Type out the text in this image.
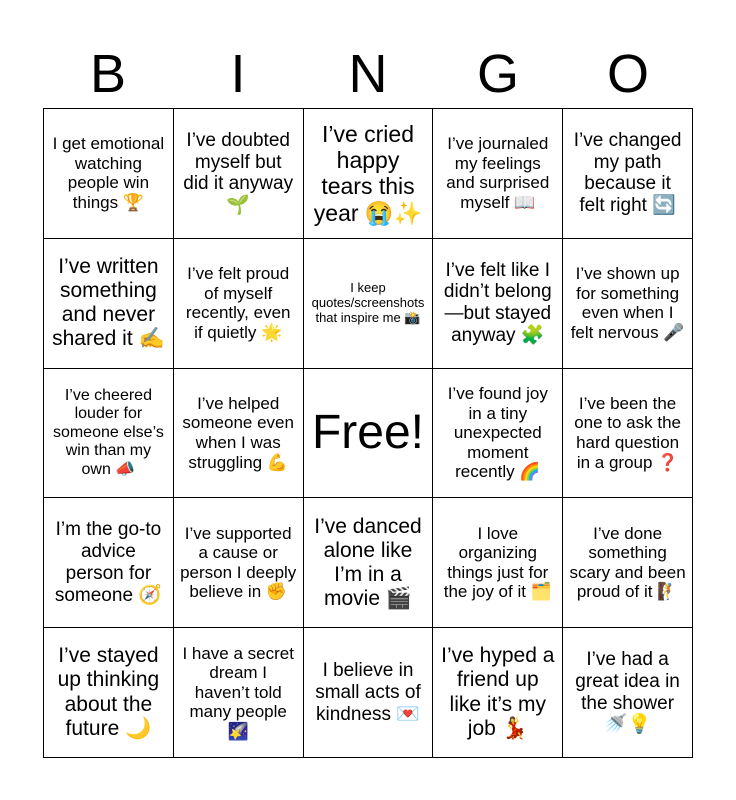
B	I	N	G	O
I get emotional watching people win things 🏆
I’ve doubted myself but did it anyway 🌱
I’ve cried happy tears this year 😭✨
I’ve journaled my feelings and surprised myself 📖
I’ve changed my path because it felt right 🔄
I’ve written something and never shared it ✍️
I’ve felt proud of myself recently, even if quietly 🌟
I keep quotes/screenshots that inspire me 📸
I’ve felt like I didn’t belong—but stayed anyway 🧩
I’ve shown up for something even when I felt nervous 🎤
I’ve cheered louder for someone else’s win than my own 📣
I’ve helped someone even when I was struggling 💪
Free!
I’ve found joy in a tiny unexpected moment recently 🌈
I’ve been the one to ask the hard question in a group ❓
I’m the go-to advice person for someone 🧭
I’ve supported a cause or person I deeply believe in ✊
I’ve danced alone like I’m in a movie 🎬
I love organizing things just for the joy of it 🗂️
I’ve done something scary and been proud of it 🧗
I’ve stayed up thinking about the future 🌙
I have a secret dream I haven’t told many people 🌠
I believe in small acts of kindness 💌
I’ve hyped a friend up like it’s my job 💃
I’ve had a great idea in the shower 🚿💡
